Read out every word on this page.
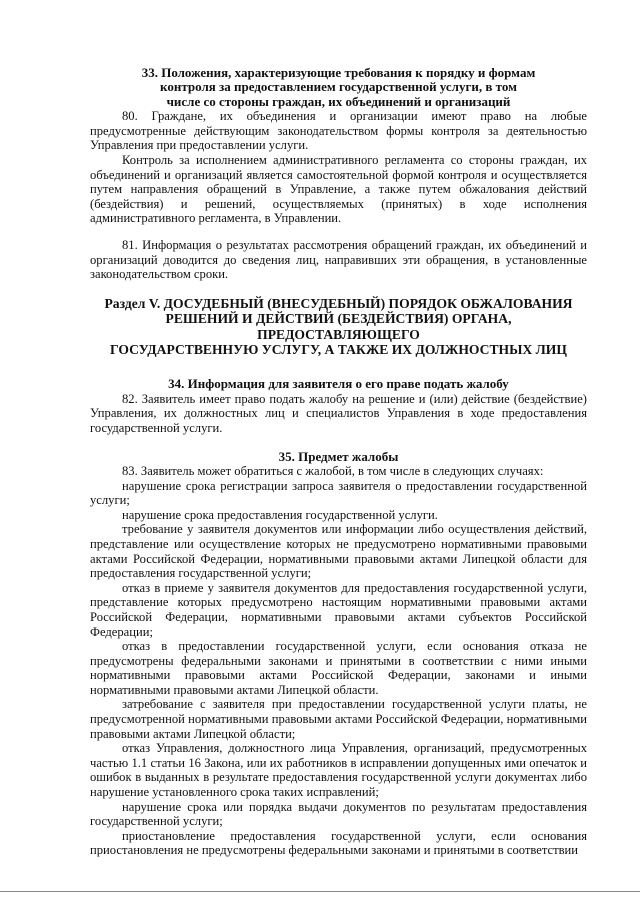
33. Положения, характеризующие требования к порядку и формам
контроля за предоставлением государственной услуги, в том
числе со стороны граждан, их объединений и организаций

80. Граждане, их объединения и организации имеют право на любые предусмотренные действующим законодательством формы контроля за деятельностью Управления при предоставлении услуги.

Контроль за исполнением административного регламента со стороны граждан, их объединений и организаций является самостоятельной формой контроля и осуществляется путем направления обращений в Управление, а также путем обжалования действий (бездействия) и решений, осуществляемых (принятых) в ходе исполнения административного регламента, в Управлении.

81. Информация о результатах рассмотрения обращений граждан, их объединений и организаций доводится до сведения лиц, направивших эти обращения, в установленные законодательством сроки.

Раздел V. ДОСУДЕБНЫЙ (ВНЕСУДЕБНЫЙ) ПОРЯДОК ОБЖАЛОВАНИЯ
РЕШЕНИЙ И ДЕЙСТВИЙ (БЕЗДЕЙСТВИЯ) ОРГАНА, ПРЕДОСТАВЛЯЮЩЕГО
ГОСУДАРСТВЕННУЮ УСЛУГУ, А ТАКЖЕ ИХ ДОЛЖНОСТНЫХ ЛИЦ
34. Информация для заявителя о его праве подать жалобу

82. Заявитель имеет право подать жалобу на решение и (или) действие (бездействие) Управления, их должностных лиц и специалистов Управления в ходе предоставления государственной услуги.

35. Предмет жалобы

83. Заявитель может обратиться с жалобой, в том числе в следующих случаях:

нарушение срока регистрации запроса заявителя о предоставлении государственной услуги;

нарушение срока предоставления государственной услуги.

требование у заявителя документов или информации либо осуществления действий, представление или осуществление которых не предусмотрено нормативными правовыми актами Российской Федерации, нормативными правовыми актами Липецкой области для предоставления государственной услуги;

отказ в приеме у заявителя документов для предоставления государственной услуги, представление которых предусмотрено настоящим нормативными правовыми актами Российской Федерации, нормативными правовыми актами субъектов Российской Федерации;

отказ в предоставлении государственной услуги, если основания отказа не предусмотрены федеральными законами и принятыми в соответствии с ними иными нормативными правовыми актами Российской Федерации, законами и иными нормативными правовыми актами Липецкой области.

затребование с заявителя при предоставлении государственной услуги платы, не предусмотренной нормативными правовыми актами Российской Федерации, нормативными правовыми актами Липецкой области;

отказ Управления, должностного лица Управления, организаций, предусмотренных частью 1.1 статьи 16 Закона, или их работников в исправлении допущенных ими опечаток и ошибок в выданных в результате предоставления государственной услуги документах либо нарушение установленного срока таких исправлений;

нарушение срока или порядка выдачи документов по результатам предоставления государственной услуги;

приостановление предоставления государственной услуги, если основания приостановления не предусмотрены федеральными законами и принятыми в соответствии
